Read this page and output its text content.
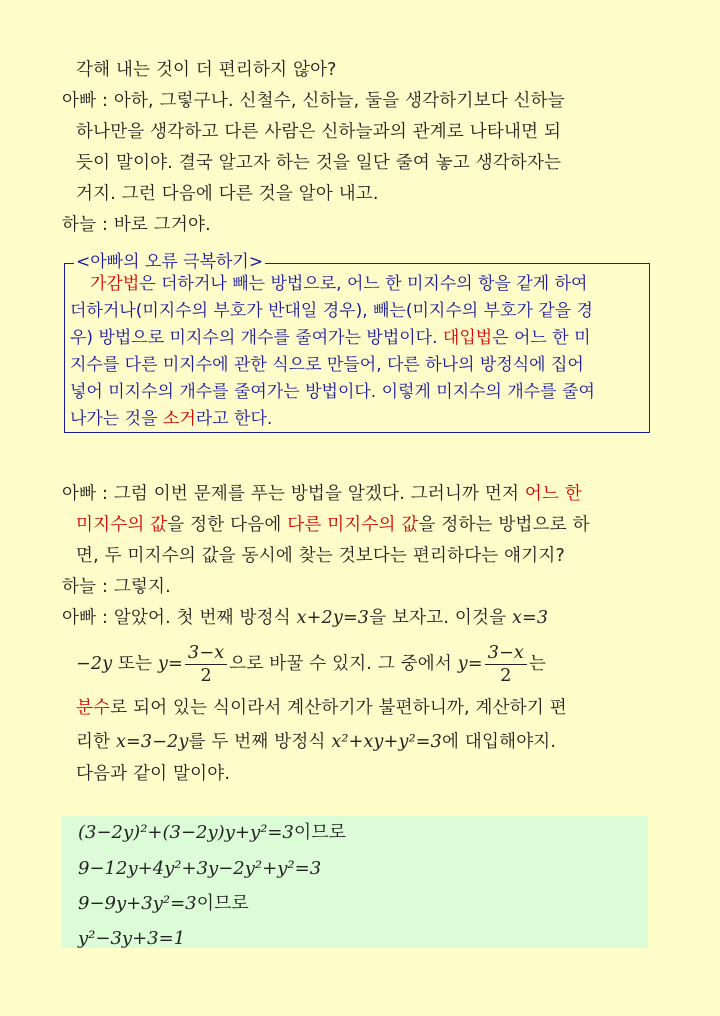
각해 내는 것이 더 편리하지 않아?
아빠 : 아하, 그렇구나. 신철수, 신하늘, 둘을 생각하기보다 신하늘
하나만을 생각하고 다른 사람은 신하늘과의 관계로 나타내면 되
듯이 말이야. 결국 알고자 하는 것을 일단 줄여 놓고 생각하자는
거지. 그런 다음에 다른 것을 알아 내고.
하늘 : 바로 그거야.
<아빠의 오류 극복하기>
가감법은 더하거나 빼는 방법으로, 어느 한 미지수의 항을 같게 하여
더하거나(미지수의 부호가 반대일 경우), 빼는(미지수의 부호가 같을 경
우) 방법으로 미지수의 개수를 줄여가는 방법이다. 대입법은 어느 한 미
지수를 다른 미지수에 관한 식으로 만들어, 다른 하나의 방정식에 집어
넣어 미지수의 개수를 줄여가는 방법이다. 이렇게 미지수의 개수를 줄여
나가는 것을 소거라고 한다.
아빠 : 그럼 이번 문제를 푸는 방법을 알겠다. 그러니까 먼저 어느 한
미지수의 값을 정한 다음에 다른 미지수의 값을 정하는 방법으로 하
면, 두 미지수의 값을 동시에 찾는 것보다는 편리하다는 얘기지?
하늘 : 그렇지.
아빠 : 알았어. 첫 번째 방정식 x+2y=3을 보자고. 이것을 x=3
−2y 또는 $y= \frac{3-x}{2}$ 으로 바꿀 수 있지. 그 중에서 $y= \frac{3-x}{2}$ 는
분수로 되어 있는 식이라서 계산하기가 불편하니까, 계산하기 편
리한 x=3−2y를 두 번째 방정식 x²+xy+y²=3에 대입해야지.
다음과 같이 말이야.
(3−2y)²+(3−2y)y+y²=3이므로
9−12y+4y²+3y−2y²+y²=3
9−9y+3y²=3이므로
y²−3y+3=1
